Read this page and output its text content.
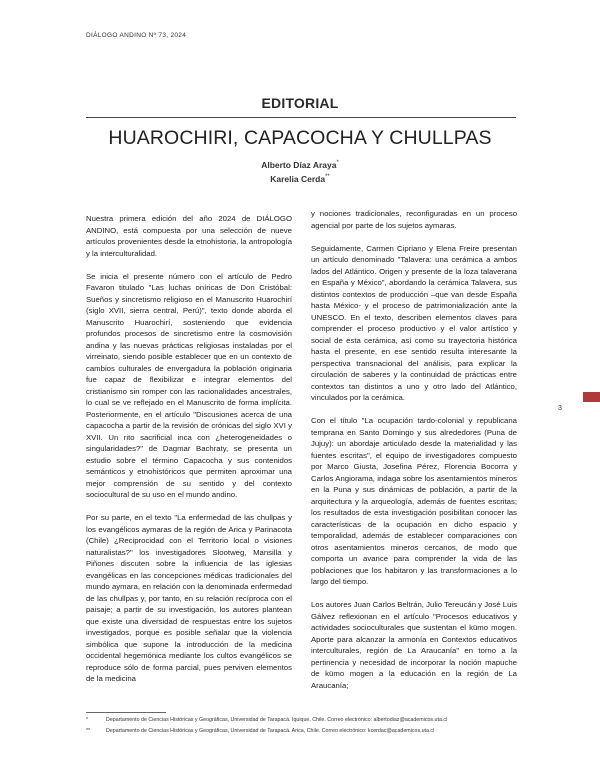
DIÁLOGO ANDINO Nº 73, 2024
EDITORIAL
HUAROCHIRI, CAPACOCHA Y CHULLPAS
Alberto Díaz Araya*
Karelia Cerda**

Nuestra primera edición del año 2024 de DIÁLOGO ANDINO, está compuesta por una selección de nueve artículos provenientes desde la etnohistoria, la antropología y la interculturalidad.

Se inicia el presente número con el artículo de Pedro Favaron titulado "Las luchas oníricas de Don Cristóbal: Sueños y sincretismo religioso en el Manuscrito Huarochirí (siglo XVII, sierra central, Perú)", texto donde aborda el Manuscrito Huarochirí, sosteniendo que evidencia profundos procesos de sincretismo entre la cosmovisión andina y las nuevas prácticas religiosas instaladas por el virreinato, siendo posible establecer que en un contexto de cambios culturales de envergadura la población originaria fue capaz de flexibilizar e integrar elementos del cristianismo sin romper con las racionalidades ancestrales, lo cual se ve reflejado en el Manuscrito de forma implícita. Posteriormente, en el artículo "Discusiones acerca de una capacocha a partir de la revisión de crónicas del siglo XVI y XVII. Un rito sacrificial inca con ¿heterogeneidades o singularidades?" de Dagmar Bachraty, se presenta un estudio sobre el término Capacocha y sus contenidos semánticos y etnohistóricos que permiten aproximar una mejor comprensión de su sentido y del contexto sociocultural de su uso en el mundo andino.

Por su parte, en el texto "La enfermedad de las chullpas y los evangélicos aymaras de la región de Arica y Parinacota (Chile) ¿Reciprocidad con el Territorio local o visiones naturalistas?" los investigadores Slootweg, Mansilla y Piñones discuten sobre la influencia de las iglesias evangélicas en las concepciones médicas tradicionales del mundo aymara, en relación con la denominada enfermedad de las chullpas y, por tanto, en su relación recíproca con el paisaje; a partir de su investigación, los autores plantean que existe una diversidad de respuestas entre los sujetos investigados, porque es posible señalar que la violencia simbólica que supone la introducción de la medicina occidental hegemónica mediante los cultos evangélicos se reproduce sólo de forma parcial, pues perviven elementos de la medicina

y nociones tradicionales, reconfiguradas en un proceso agencial por parte de los sujetos aymaras.

Seguidamente, Carmen Cipriano y Elena Freire presentan un artículo denominado "Talavera: una cerámica a ambos lados del Atlántico. Origen y presente de la loza talaverana en España y México", abordando la cerámica Talavera, sus distintos contextos de producción –que van desde España hasta México- y el proceso de patrimonialización ante la UNESCO. En el texto, describen elementos claves para comprender el proceso productivo y el valor artístico y social de esta cerámica, así como su trayectoria histórica hasta el presente, en ese sentido resulta interesante la perspectiva transnacional del análisis, para explicar la circulación de saberes y la continuidad de prácticas entre contextos tan distintos a uno y otro lado del Atlántico, vinculados por la cerámica.

Con el título "La ocupación tardo-colonial y republicana temprana en Santo Domingo y sus alrededores (Puna de Jujuy): un abordaje articulado desde la materialidad y las fuentes escritas", el equipo de investigadores compuesto por Marco Giusta, Josefina Pérez, Florencia Bocorra y Carlos Angiorama, indaga sobre los asentamientos mineros en la Puna y sus dinámicas de población, a partir de la arquitectura y la arqueología, además de fuentes escritas; los resultados de esta investigación posibilitan conocer las características de la ocupación en dicho espacio y temporalidad, además de establecer comparaciones con otros asentamientos mineros cercanos, de modo que comporta un avance para comprender la vida de las poblaciones que los habitaron y las transformaciones a lo largo del tiempo.

Los autores Juan Carlos Beltrán, Julio Tereucán y José Luis Gálvez reflexionan en el artículo "Procesos educativos y actividades socioculturales que sustentan el kümo mogen. Aporte para alcanzar la armonía en Contextos educativos interculturales, región de La Araucanía" en torno a la pertinencia y necesidad de incorporar la noción mapuche de kümo mogen a la educación en la región de La Araucanía;

3
*	Departamento de Ciencias Históricas y Geográficas, Universidad de Tarapacá. Iquique, Chile. Correo electrónico: albertodiaz@academicos.uta.cl
**	Departamento de Ciencias Históricas y Geográficas, Universidad de Tarapacá. Arica, Chile. Correo electrónico: kcerdac@academicos.uta.cl
